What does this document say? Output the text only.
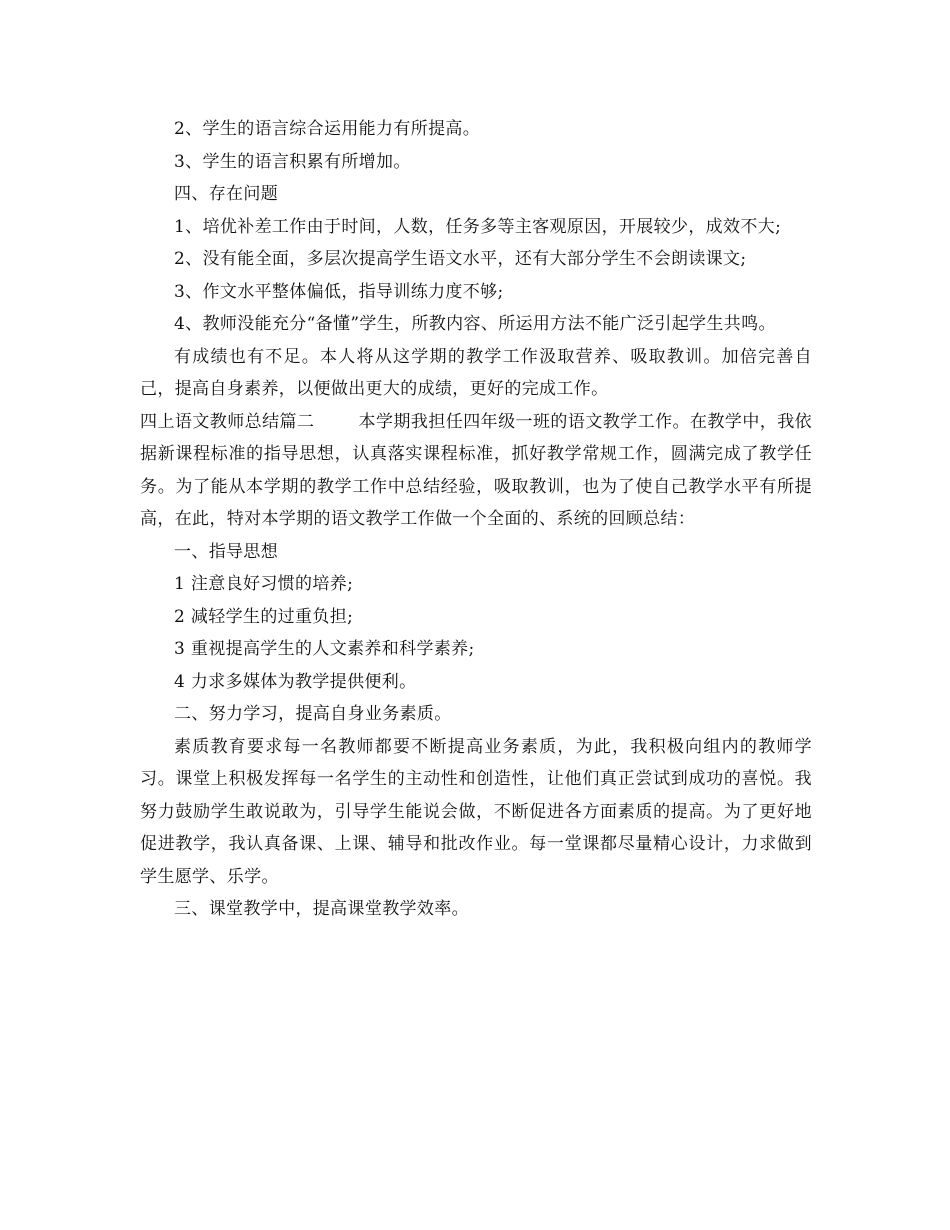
2、学生的语言综合运用能力有所提高。

3、学生的语言积累有所增加。

四、存在问题

1、培优补差工作由于时间，人数，任务多等主客观原因，开展较少，成效不大;

2、没有能全面，多层次提高学生语文水平，还有大部分学生不会朗读课文;

3、作文水平整体偏低，指导训练力度不够;

4、教师没能充分“备懂”学生，所教内容、所运用方法不能广泛引起学生共鸣。

有成绩也有不足。本人将从这学期的教学工作汲取营养、吸取教训。加倍完善自己，提高自身素养，以便做出更大的成绩，更好的完成工作。

四上语文教师总结篇二	本学期我担任四年级一班的语文教学工作。在教学中，我依据新课程标准的指导思想，认真落实课程标准，抓好教学常规工作，圆满完成了教学任务。为了能从本学期的教学工作中总结经验，吸取教训，也为了使自己教学水平有所提高，在此，特对本学期的语文教学工作做一个全面的、系统的回顾总结：

一、指导思想

1 注意良好习惯的培养;

2 减轻学生的过重负担;

3 重视提高学生的人文素养和科学素养;

4 力求多媒体为教学提供便利。

二、努力学习，提高自身业务素质。

素质教育要求每一名教师都要不断提高业务素质，为此，我积极向组内的教师学习。课堂上积极发挥每一名学生的主动性和创造性，让他们真正尝试到成功的喜悦。我努力鼓励学生敢说敢为，引导学生能说会做，不断促进各方面素质的提高。为了更好地促进教学，我认真备课、上课、辅导和批改作业。每一堂课都尽量精心设计，力求做到学生愿学、乐学。

三、课堂教学中，提高课堂教学效率。
